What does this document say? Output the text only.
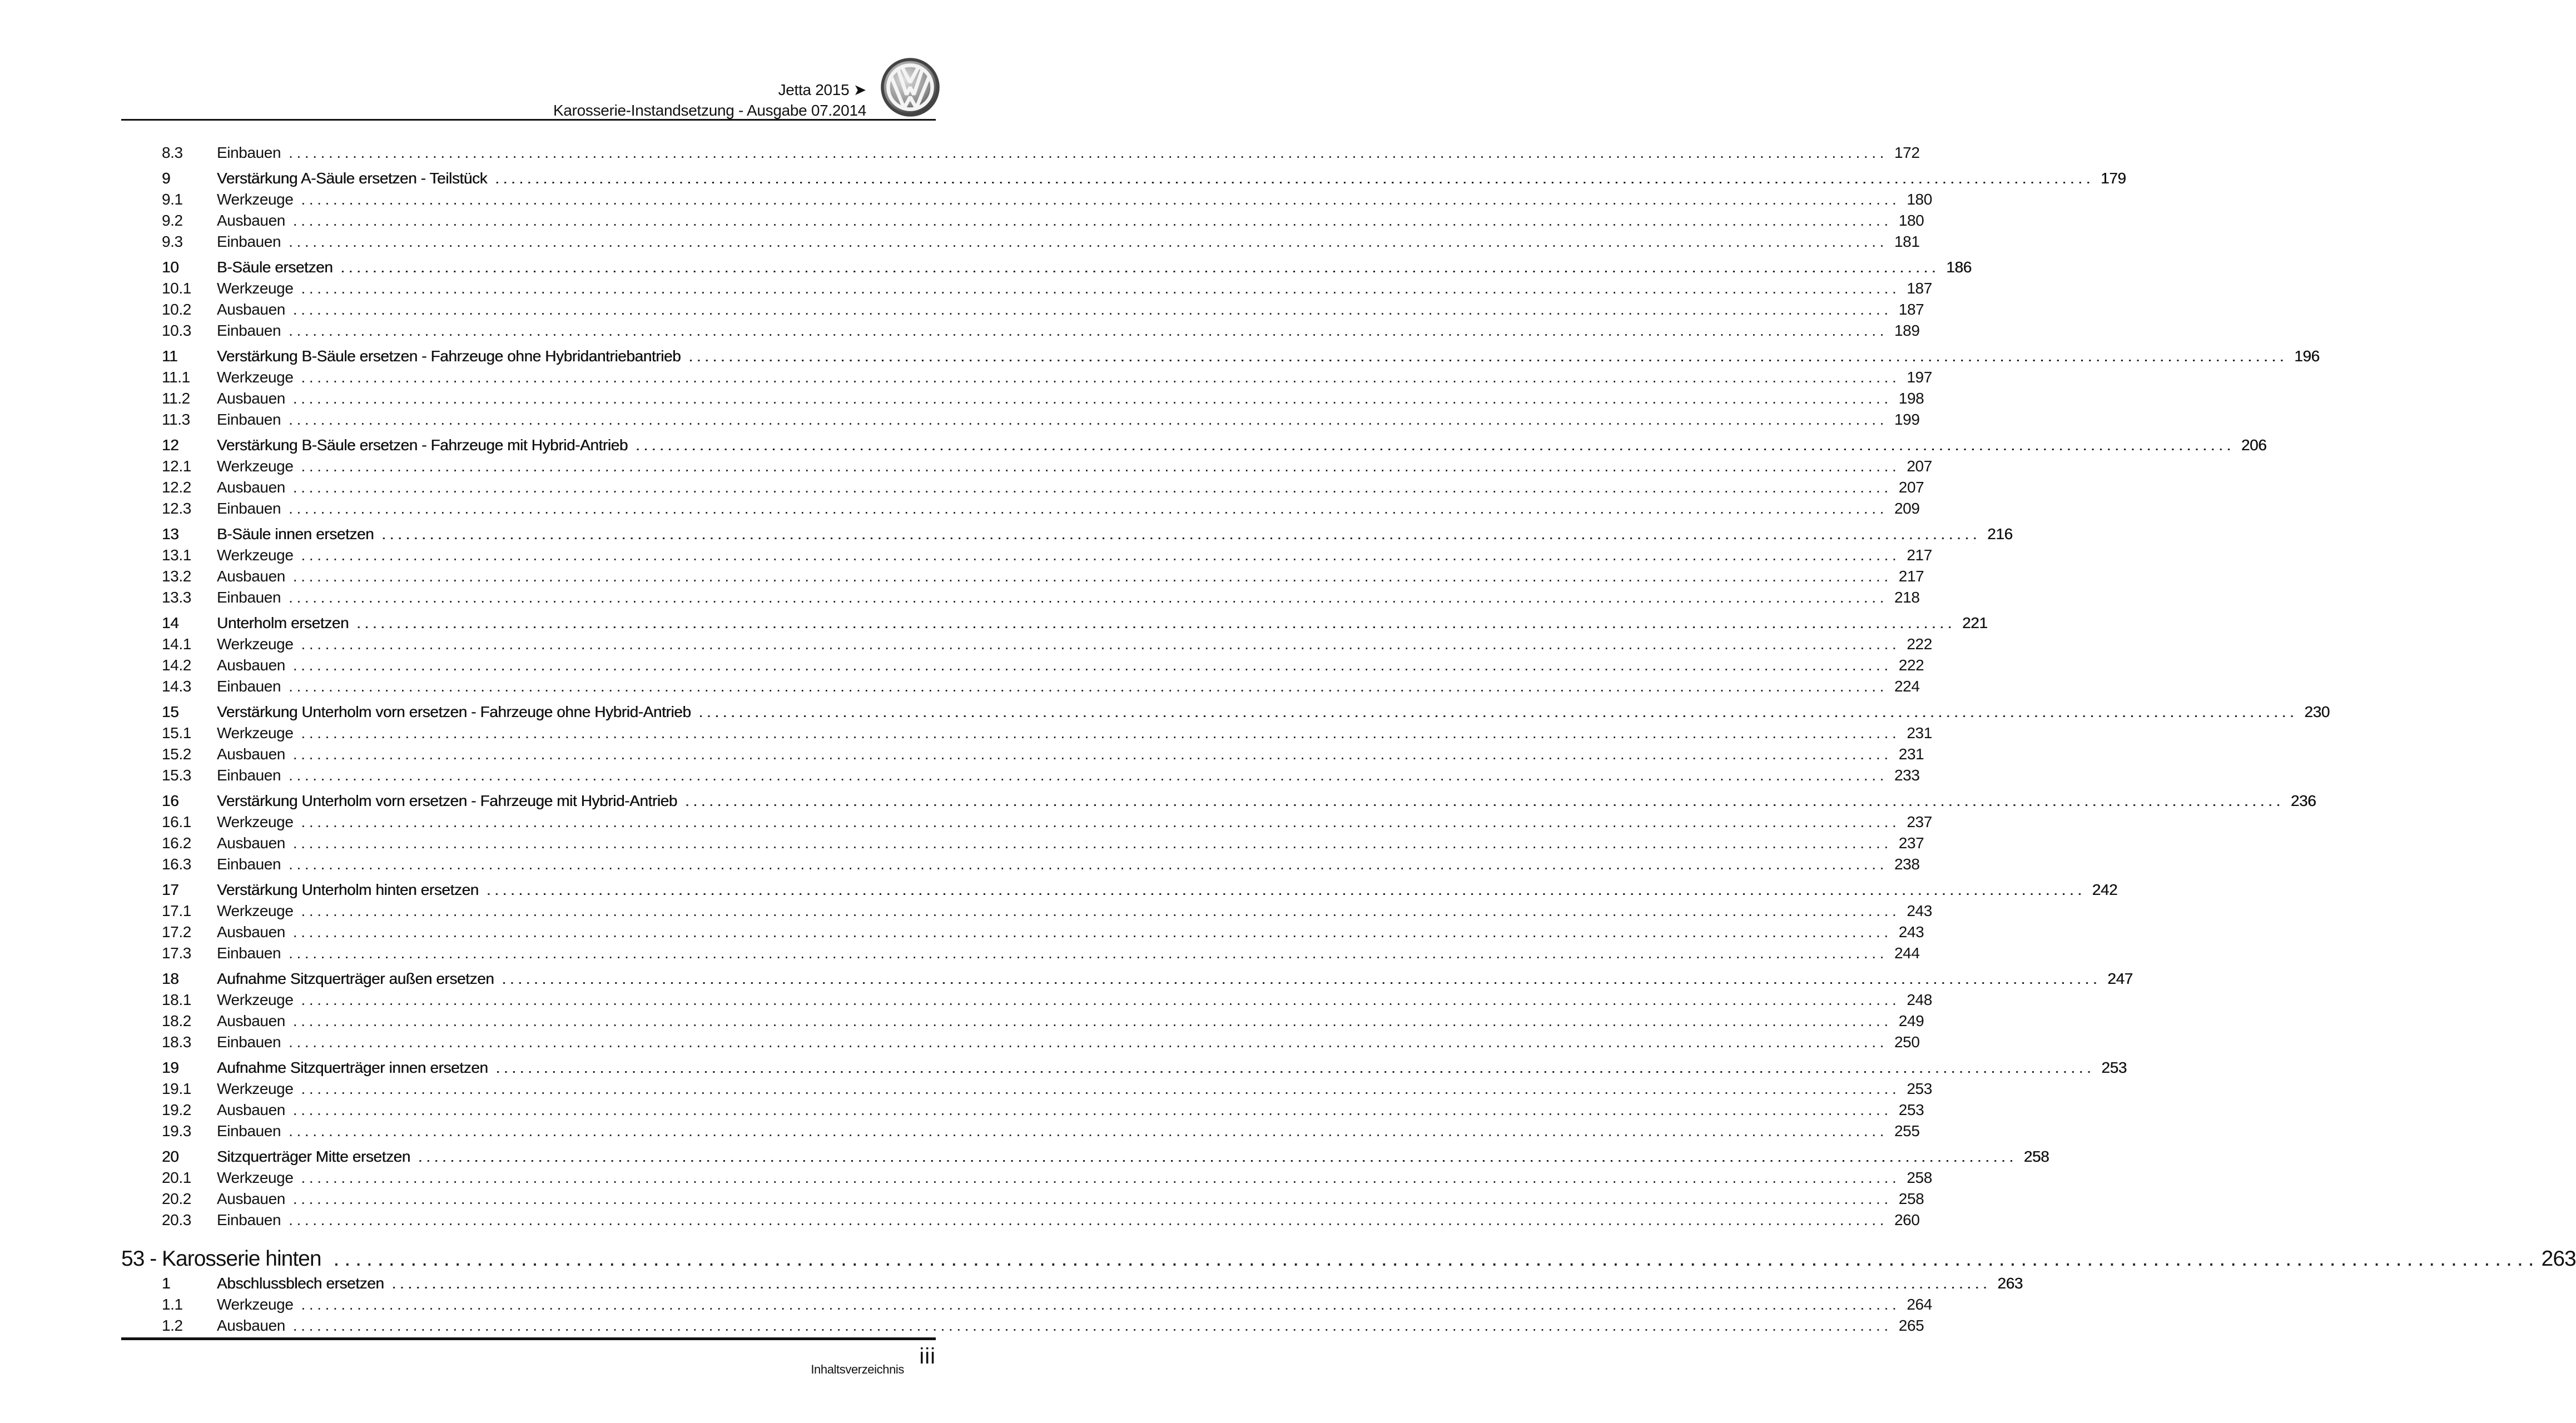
Jetta 2015 ➤
Karosserie-Instandsetzung - Ausgabe 07.2014
8.3	Einbauen ........................................................................................................................................................................................................ 172
9	Verstärkung A-Säule ersetzen - Teilstück ........................................................................................................................................................................................................ 179
9.1	Werkzeuge ........................................................................................................................................................................................................ 180
9.2	Ausbauen ........................................................................................................................................................................................................ 180
9.3	Einbauen ........................................................................................................................................................................................................ 181
10	B-Säule ersetzen ........................................................................................................................................................................................................ 186
10.1	Werkzeuge ........................................................................................................................................................................................................ 187
10.2	Ausbauen ........................................................................................................................................................................................................ 187
10.3	Einbauen ........................................................................................................................................................................................................ 189
11	Verstärkung B-Säule ersetzen - Fahrzeuge ohne Hybridantriebantrieb ........................................................................................................................................................................................................ 196
11.1	Werkzeuge ........................................................................................................................................................................................................ 197
11.2	Ausbauen ........................................................................................................................................................................................................ 198
11.3	Einbauen ........................................................................................................................................................................................................ 199
12	Verstärkung B-Säule ersetzen - Fahrzeuge mit Hybrid-Antrieb ........................................................................................................................................................................................................ 206
12.1	Werkzeuge ........................................................................................................................................................................................................ 207
12.2	Ausbauen ........................................................................................................................................................................................................ 207
12.3	Einbauen ........................................................................................................................................................................................................ 209
13	B-Säule innen ersetzen ........................................................................................................................................................................................................ 216
13.1	Werkzeuge ........................................................................................................................................................................................................ 217
13.2	Ausbauen ........................................................................................................................................................................................................ 217
13.3	Einbauen ........................................................................................................................................................................................................ 218
14	Unterholm ersetzen ........................................................................................................................................................................................................ 221
14.1	Werkzeuge ........................................................................................................................................................................................................ 222
14.2	Ausbauen ........................................................................................................................................................................................................ 222
14.3	Einbauen ........................................................................................................................................................................................................ 224
15	Verstärkung Unterholm vorn ersetzen - Fahrzeuge ohne Hybrid-Antrieb ........................................................................................................................................................................................................ 230
15.1	Werkzeuge ........................................................................................................................................................................................................ 231
15.2	Ausbauen ........................................................................................................................................................................................................ 231
15.3	Einbauen ........................................................................................................................................................................................................ 233
16	Verstärkung Unterholm vorn ersetzen - Fahrzeuge mit Hybrid-Antrieb ........................................................................................................................................................................................................ 236
16.1	Werkzeuge ........................................................................................................................................................................................................ 237
16.2	Ausbauen ........................................................................................................................................................................................................ 237
16.3	Einbauen ........................................................................................................................................................................................................ 238
17	Verstärkung Unterholm hinten ersetzen ........................................................................................................................................................................................................ 242
17.1	Werkzeuge ........................................................................................................................................................................................................ 243
17.2	Ausbauen ........................................................................................................................................................................................................ 243
17.3	Einbauen ........................................................................................................................................................................................................ 244
18	Aufnahme Sitzquerträger außen ersetzen ........................................................................................................................................................................................................ 247
18.1	Werkzeuge ........................................................................................................................................................................................................ 248
18.2	Ausbauen ........................................................................................................................................................................................................ 249
18.3	Einbauen ........................................................................................................................................................................................................ 250
19	Aufnahme Sitzquerträger innen ersetzen ........................................................................................................................................................................................................ 253
19.1	Werkzeuge ........................................................................................................................................................................................................ 253
19.2	Ausbauen ........................................................................................................................................................................................................ 253
19.3	Einbauen ........................................................................................................................................................................................................ 255
20	Sitzquerträger Mitte ersetzen ........................................................................................................................................................................................................ 258
20.1	Werkzeuge ........................................................................................................................................................................................................ 258
20.2	Ausbauen ........................................................................................................................................................................................................ 258
20.3	Einbauen ........................................................................................................................................................................................................ 260
53 - Karosserie hinten ........................................................................................................................................................................................................ 263
1	Abschlussblech ersetzen ........................................................................................................................................................................................................ 263
1.1	Werkzeuge ........................................................................................................................................................................................................ 264
1.2	Ausbauen ........................................................................................................................................................................................................ 265
Inhaltsverzeichnis
iii
